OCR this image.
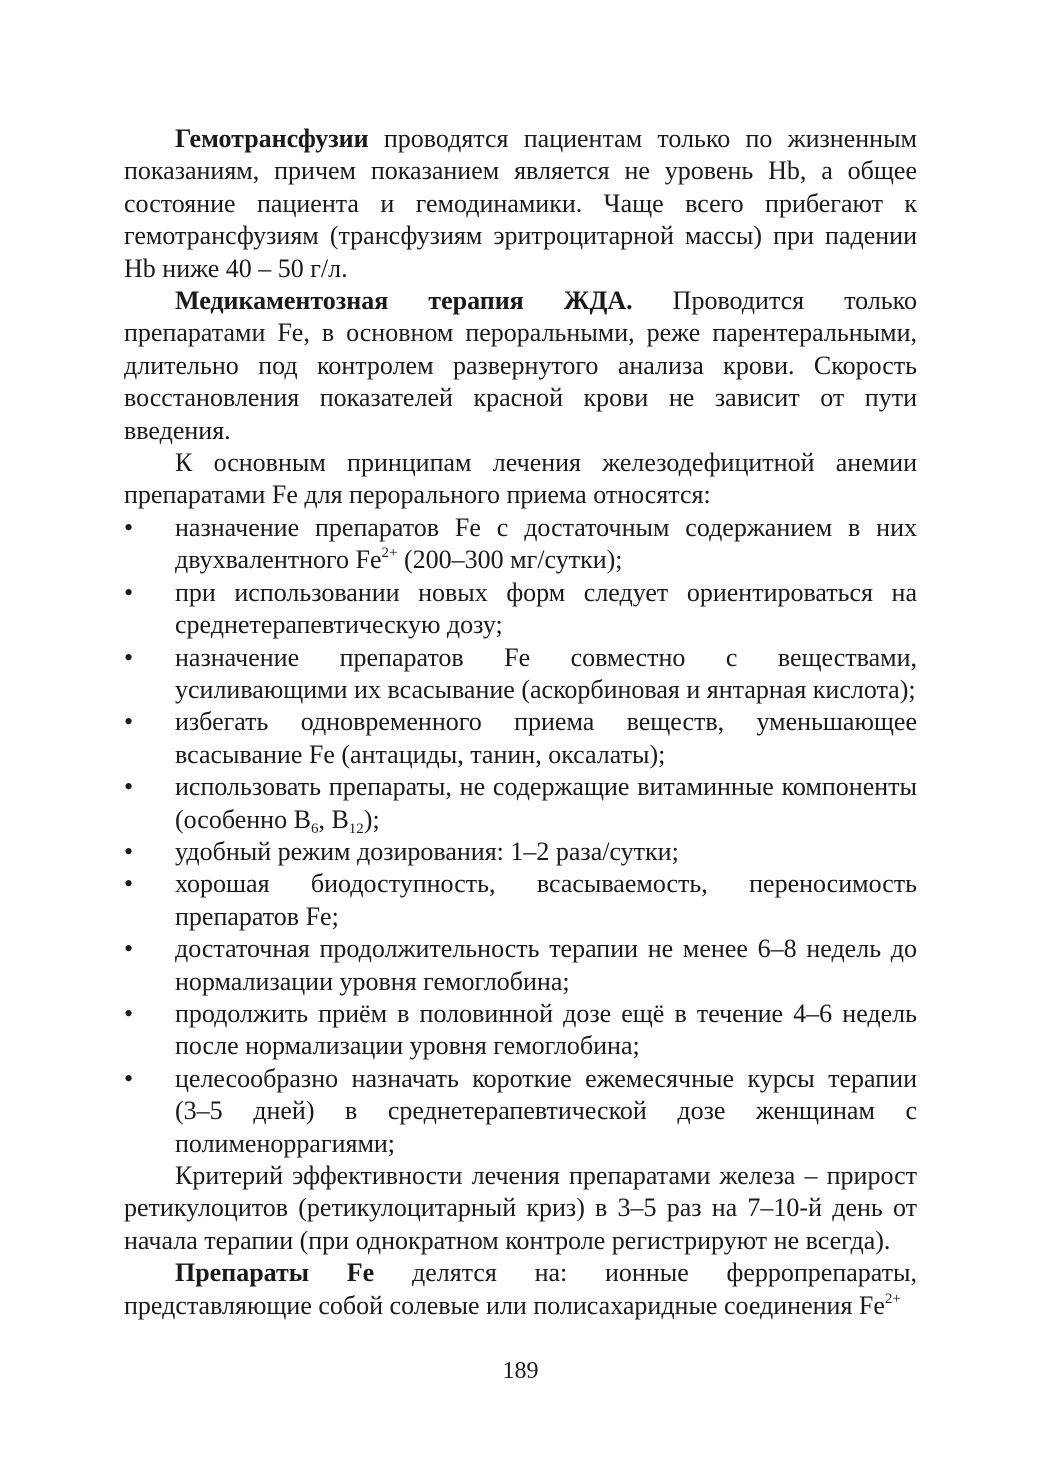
Гемотрансфузии проводятся пациентам только по жизненным показаниям, причем показанием является не уровень Hb, а общее состояние пациента и гемодинамики. Чаще всего прибегают к гемотрансфузиям (трансфузиям эритроцитарной массы) при падении Hb ниже 40 – 50 г/л.

Медикаментозная терапия ЖДА. Проводится только препаратами Fe, в основном пероральными, реже парентеральными, длительно под контролем развернутого анализа крови. Скорость восстановления показателей красной крови не зависит от пути введения.

К основным принципам лечения железодефицитной анемии препаратами Fe для перорального приема относятся:

• назначение препаратов Fe с достаточным содержанием в них двухвалентного $Fe^{2+}$ (200–300 мг/сутки);
• при использовании новых форм следует ориентироваться на среднетерапевтическую дозу;
• назначение препаратов Fe совместно с веществами, усиливающими их всасывание (аскорбиновая и янтарная кислота);
• избегать одновременного приема веществ, уменьшающее всасывание Fe (антациды, танин, оксалаты);
• использовать препараты, не содержащие витаминные компоненты (особенно $B_6$, $B_{12}$);
• удобный режим дозирования: 1–2 раза/сутки;
• хорошая биодоступность, всасываемость, переносимость препаратов Fe;
• достаточная продолжительность терапии не менее 6–8 недель до нормализации уровня гемоглобина;
• продолжить приём в половинной дозе ещё в течение 4–6 недель после нормализации уровня гемоглобина;
• целесообразно назначать короткие ежемесячные курсы терапии (3–5 дней) в среднетерапевтической дозе женщинам с полименоррагиями;

Критерий эффективности лечения препаратами железа – прирост ретикулоцитов (ретикулоцитарный криз) в 3–5 раз на 7–10-й день от начала терапии (при однократном контроле регистрируют не всегда).

Препараты Fe делятся на: ионные ферропрепараты, представляющие собой солевые или полисахаридные соединения $Fe^{2+}$

189
